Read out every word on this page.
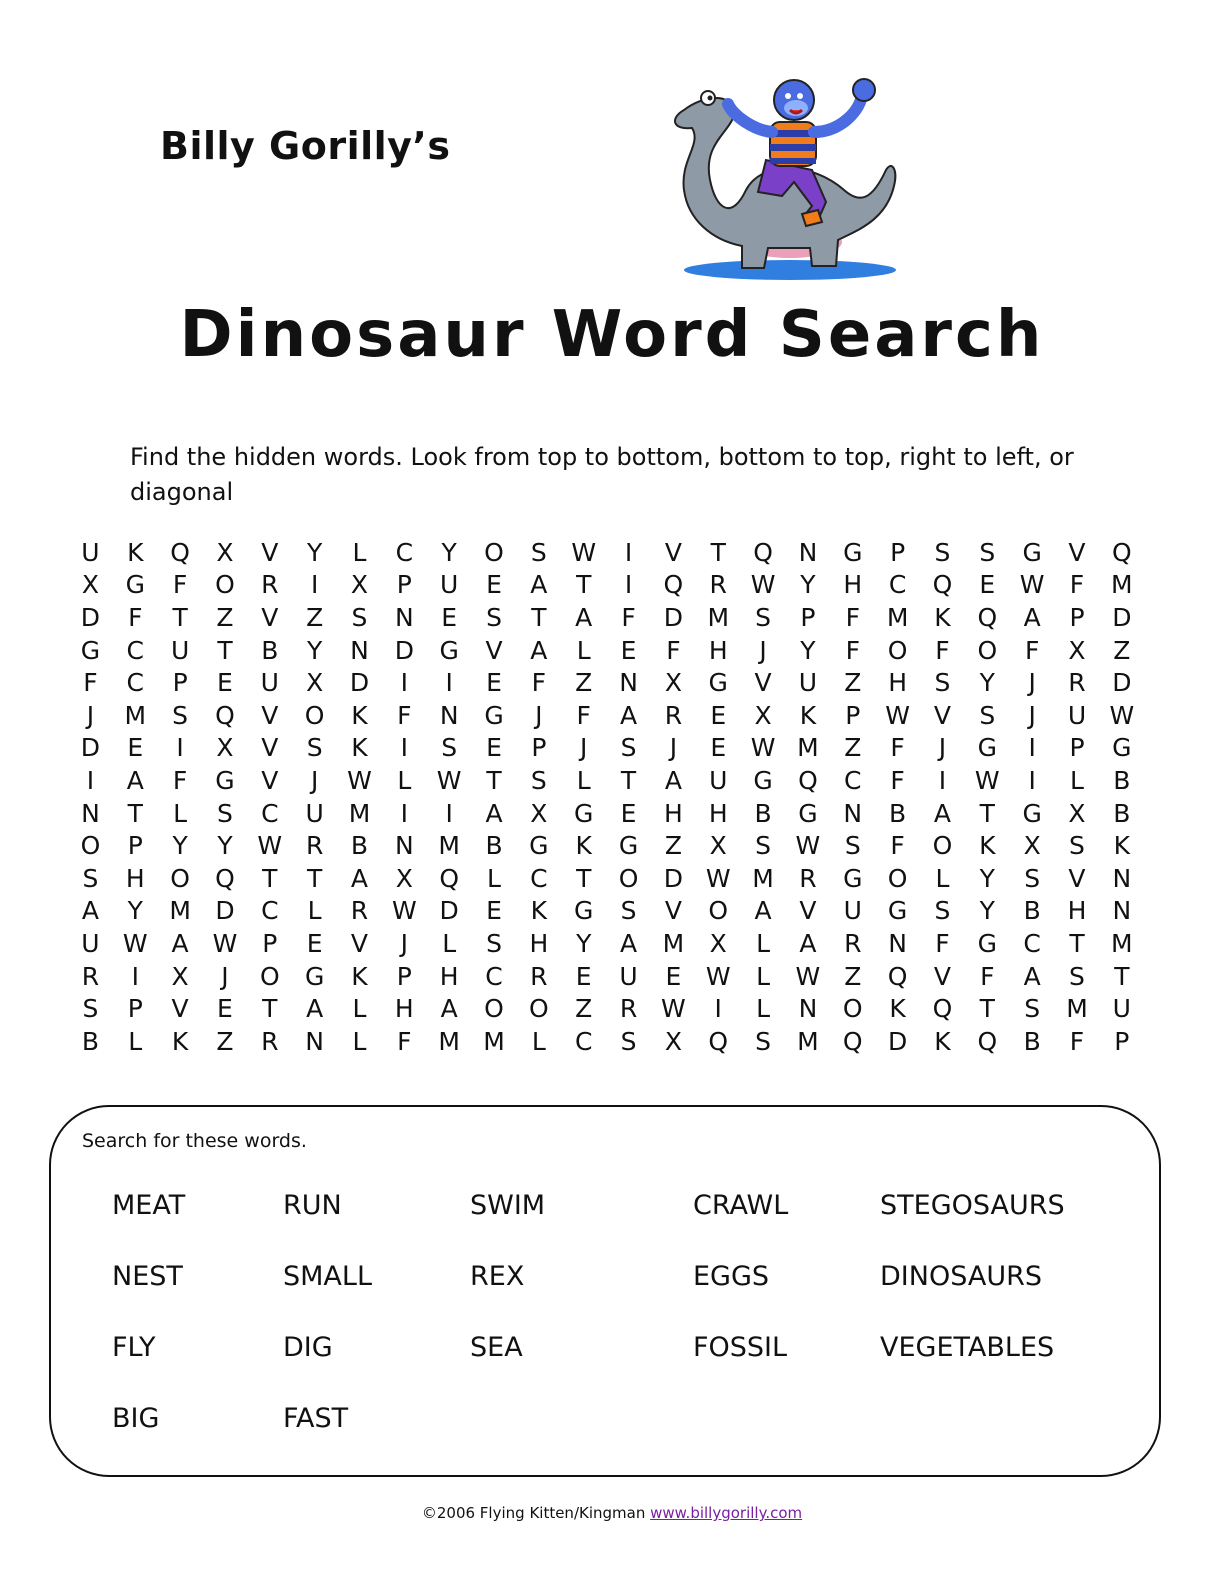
Billy Gorilly’s
Dinosaur Word Search
Find the hidden words. Look from top to bottom, bottom to top, right to left, or diagonal
U	K	Q	X	V	Y	L	C	Y	O	S W	I	V	T	Q	N	G	P	S	S	G	V	Q
X	G	F	O	R	I	X	P	U	E	A	T	I	Q	R W Y	H	C	Q	E W	F	M
D	F	T	Z	V	Z	S	N	E	S	T	A	F	D M	S	P	F	M	K	Q	A	P	D
G	C	U	T	B	Y	N	D	G	V	A	L	E	F	H	J	Y	F	O	F	O	F	X	Z
F	C	P	E	U	X	D	I	I	E	F	Z	N	X	G	V	U	Z	H	S	Y	J	R	D
J	M	S	Q	V	O	K	F	N	G	J	F	A	R	E	X	K	P W V	S	J	U W
D	E	I	X	V	S	K	I	S	E	P	J	S	J	E W M	Z	F	J	G	I	P	G
I	A	F	G	V	J	W	L	W T	S	L	T	A	U	G	Q	C	F	I	W	I	L	B
N	T	L	S	C	U M	I	I	A	X	G	E	H	H	B	G	N	B	A	T	G	X	B
O	P	Y	Y W R	B	N M	B	G	K	G	Z	X	S W S	F	O	K	X	S	K
S	H	O	Q	T	T	A	X	Q	L	C	T	O	D W M	R	G	O	L	Y	S	V	N
A	Y	M D	C	L	R W D	E	K	G	S	V	O	A	V	U	G	S	Y	B	H	N
U W A W P	E	V	J	L	S	H	Y	A	M	X	L	A	R	N	F	G	C	T	M
R	I	X	J	O	G	K	P	H	C	R	E	U	E W	L	W Z	Q	V	F	A	S	T
S	P	V	E	T	A	L	H	A	O	O	Z	R W	I	L	N	O	K	Q	T	S	M U
B	L	K	Z	R	N	L	F	M M	L	C	S	X	Q	S	M Q	D	K	Q	B	F	P
Search for these words.
MEAT
NEST
FLY
BIG
RUN
SMALL
DIG
FAST
SWIM
REX
SEA
CRAWL
EGGS
FOSSIL
STEGOSAURS
DINOSAURS
VEGETABLES
©2006 Flying Kitten/Kingman www.billygorilly.com
